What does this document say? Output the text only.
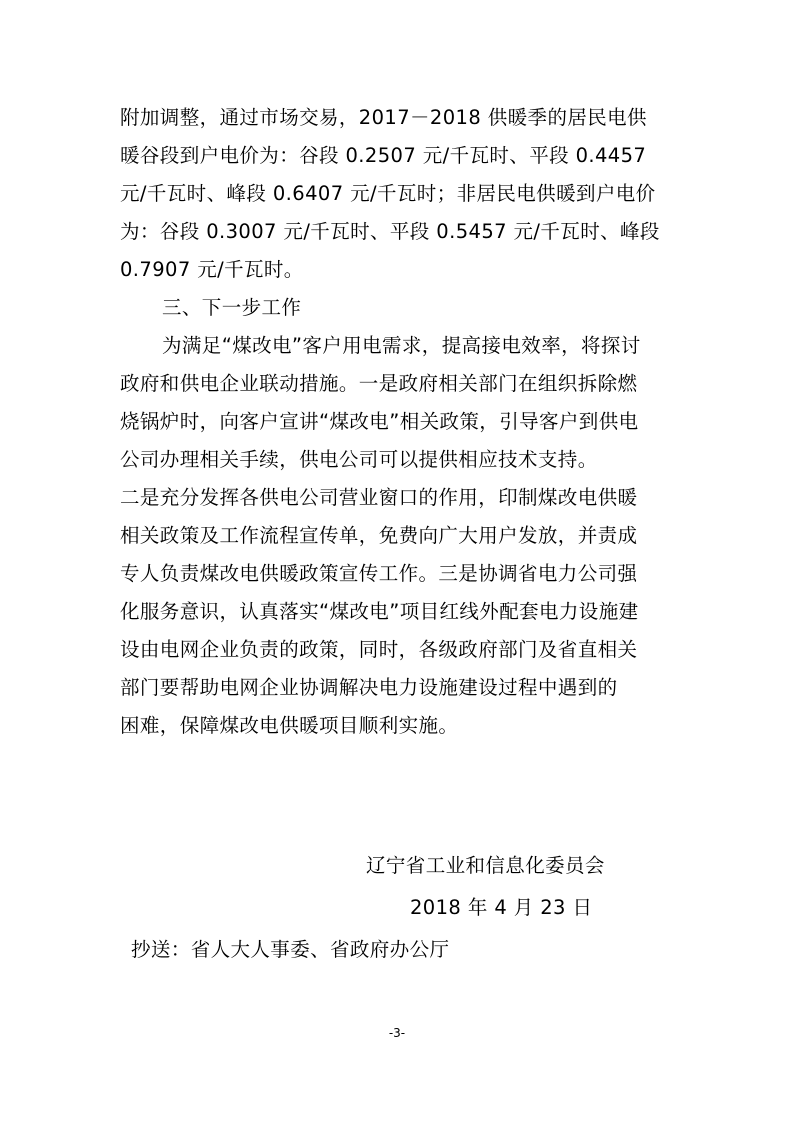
附加调整，通过市场交易，2017－2018 供暖季的居民电供
暖谷段到户电价为：谷段 0.2507 元/千瓦时、平段 0.4457
元/千瓦时、峰段 0.6407 元/千瓦时；非居民电供暖到户电价
为：谷段 0.3007 元/千瓦时、平段 0.5457 元/千瓦时、峰段
0.7907 元/千瓦时。
三、下一步工作
为满足“煤改电”客户用电需求，提高接电效率，将探讨
政府和供电企业联动措施。一是政府相关部门在组织拆除燃
烧锅炉时，向客户宣讲“煤改电”相关政策，引导客户到供电
公司办理相关手续，供电公司可以提供相应技术支持。
二是充分发挥各供电公司营业窗口的作用，印制煤改电供暖
相关政策及工作流程宣传单，免费向广大用户发放，并责成
专人负责煤改电供暖政策宣传工作。三是协调省电力公司强
化服务意识，认真落实“煤改电”项目红线外配套电力设施建
设由电网企业负责的政策，同时，各级政府部门及省直相关
部门要帮助电网企业协调解决电力设施建设过程中遇到的
困难，保障煤改电供暖项目顺利实施。
辽宁省工业和信息化委员会
2018 年 4 月 23 日
抄送：省人大人事委、省政府办公厅
-3-
